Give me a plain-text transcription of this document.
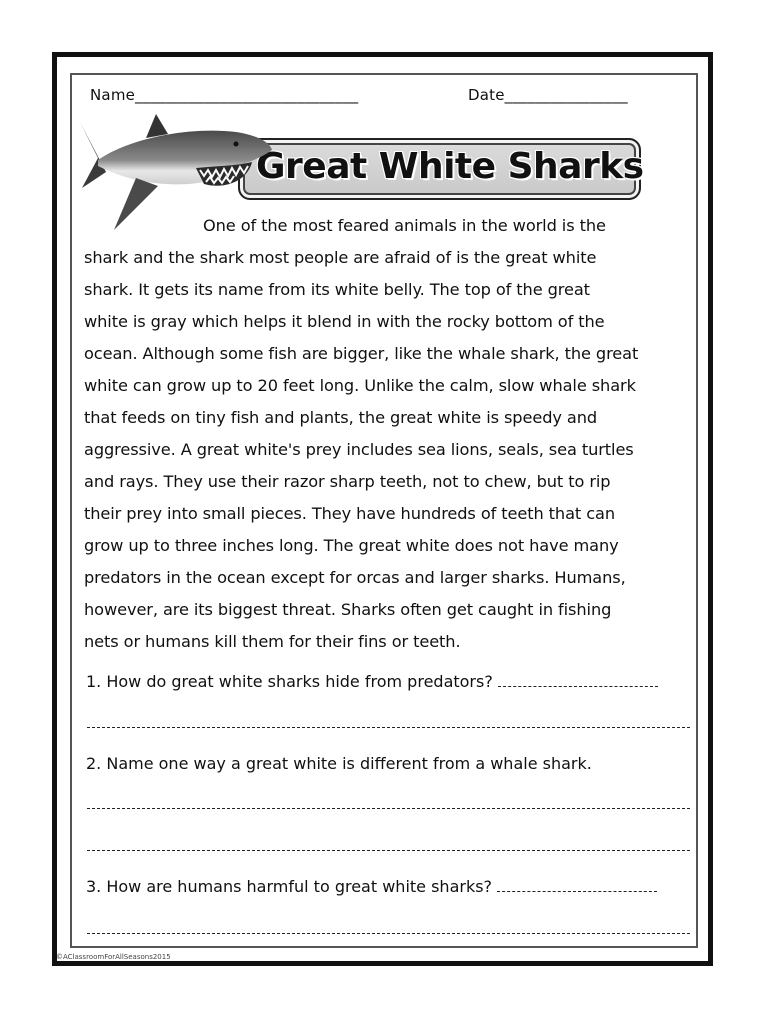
Name_____________________________	Date________________
Great White Sharks
One of the most feared animals in the world is the
shark and the shark most people are afraid of is the great white
shark. It gets its name from its white belly. The top of the great
white is gray which helps it blend in with the rocky bottom of the
ocean. Although some fish are bigger, like the whale shark, the great
white can grow up to 20 feet long. Unlike the calm, slow whale shark
that feeds on tiny fish and plants, the great white is speedy and
aggressive. A great white's prey includes sea lions, seals, sea turtles
and rays. They use their razor sharp teeth, not to chew, but to rip
their prey into small pieces. They have hundreds of teeth that can
grow up to three inches long. The great white does not have many
predators in the ocean except for orcas and larger sharks. Humans,
however, are its biggest threat. Sharks often get caught in fishing
nets or humans kill them for their fins or teeth.
1. How do great white sharks hide from predators?
2. Name one way a great white is different from a whale shark.
3. How are humans harmful to great white sharks?
©AClassroomForAllSeasons2015
